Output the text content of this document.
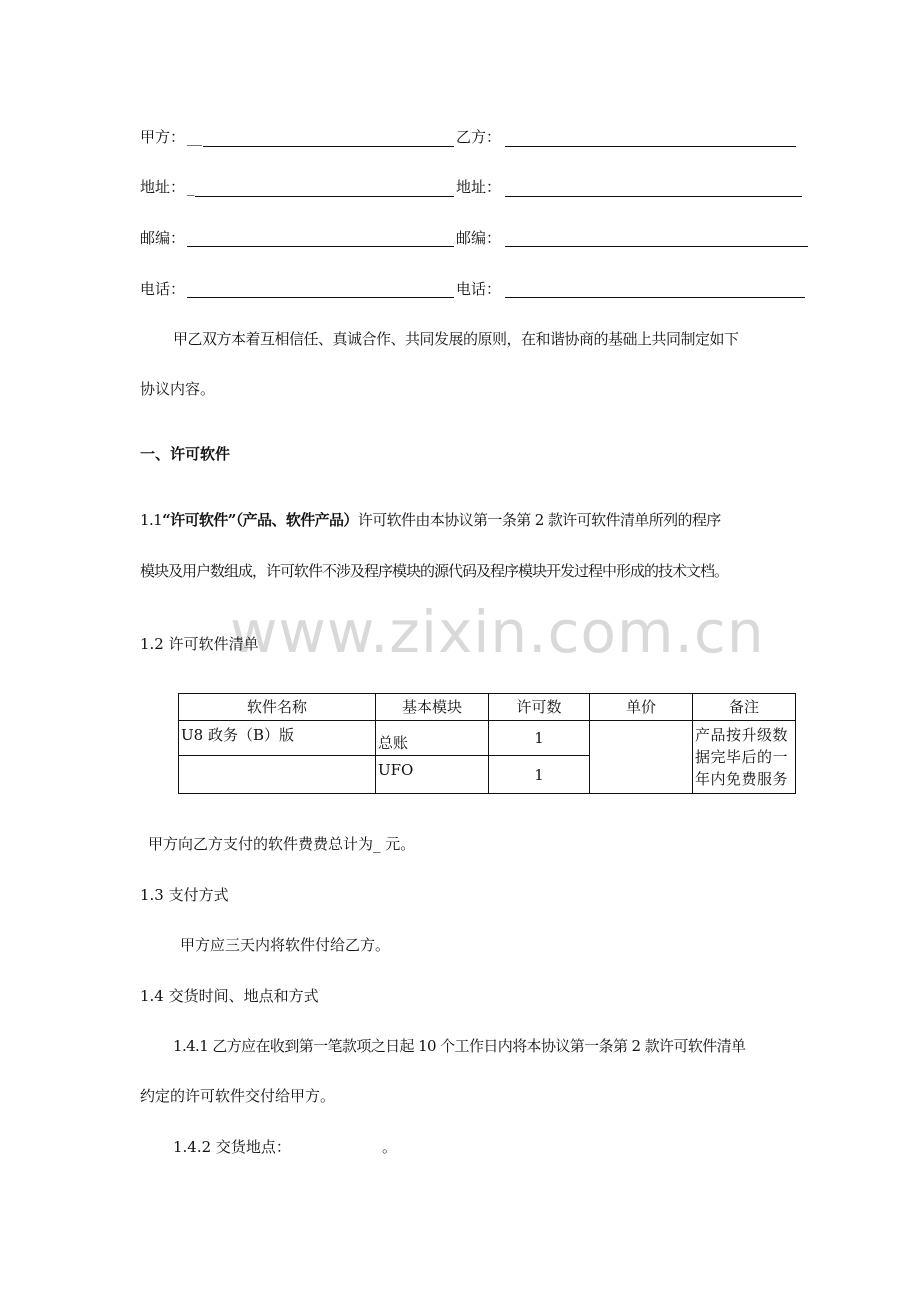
甲方： __	乙方：
地址： _	地址：
邮编：	邮编：
电话：	电话：
甲乙双方本着互相信任、真诚合作、共同发展的原则，在和谐协商的基础上共同制定如下
协议内容。
一、许可软件
1.1“许可软件”（产品、软件产品）许可软件由本协议第一条第 2 款许可软件清单所列的程序
模块及用户数组成，许可软件不涉及程序模块的源代码及程序模块开发过程中形成的技术文档。
www.zixin.com.cn
1.2 许可软件清单
软件名称	基本模块	许可数	单价	备注
U8 政务（B）版	总账	1		产品按升级数
据完毕后的一
年内免费服务

	UFO	1		
甲方向乙方支付的软件费费总计为_ 元。
1.3 支付方式
甲方应三天内将软件付给乙方。
1.4 交货时间、地点和方式
1.4.1 乙方应在收到第一笔款项之日起 10 个工作日内将本协议第一条第 2 款许可软件清单
约定的许可软件交付给甲方。
1.4.2 交货地点：	。
